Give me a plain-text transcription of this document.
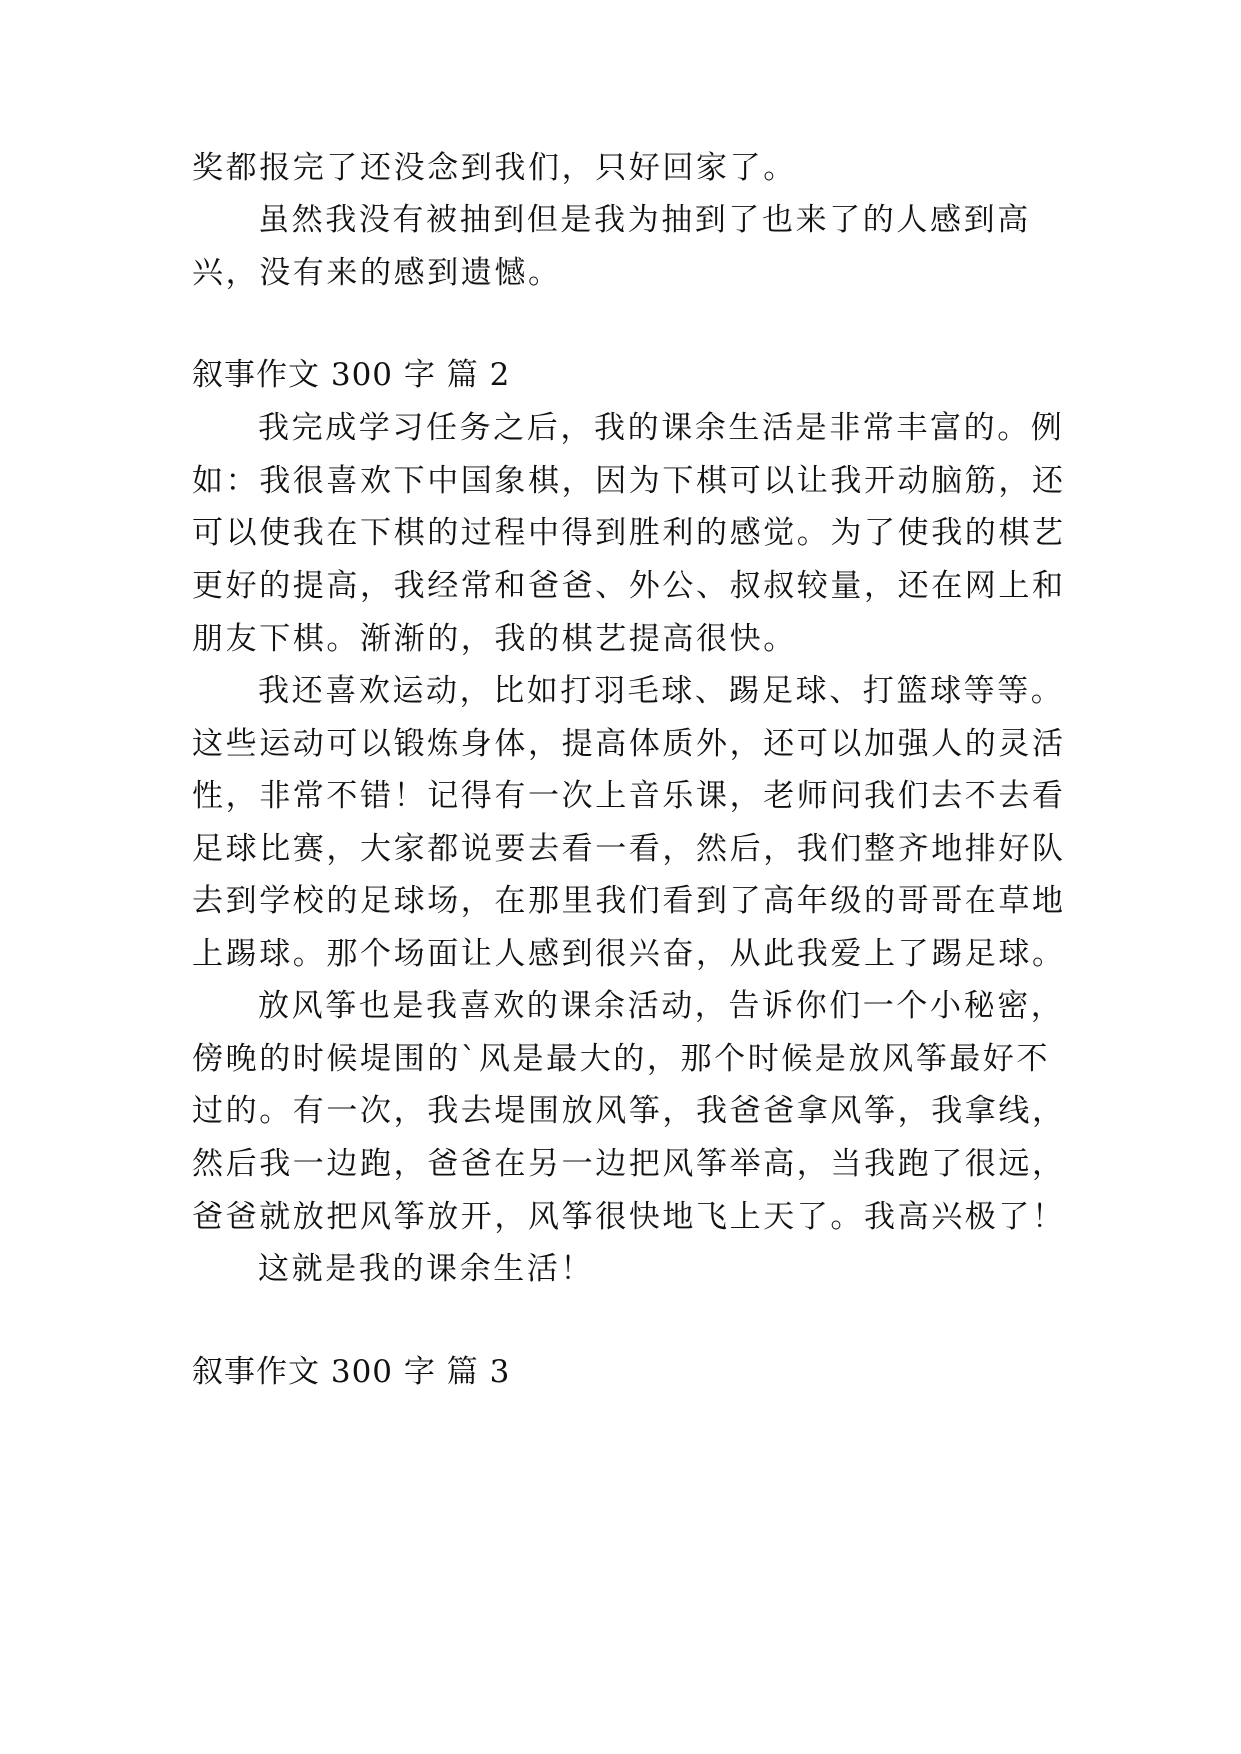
奖都报完了还没念到我们，只好回家了。
虽然我没有被抽到但是我为抽到了也来了的人感到高
兴，没有来的感到遗憾。
叙事作文 300 字 篇 2
我完成学习任务之后，我的课余生活是非常丰富的。例
如：我很喜欢下中国象棋，因为下棋可以让我开动脑筋，还
可以使我在下棋的过程中得到胜利的感觉。为了使我的棋艺
更好的提高，我经常和爸爸、外公、叔叔较量，还在网上和
朋友下棋。渐渐的，我的棋艺提高很快。
我还喜欢运动，比如打羽毛球、踢足球、打篮球等等。
这些运动可以锻炼身体，提高体质外，还可以加强人的灵活
性，非常不错！记得有一次上音乐课，老师问我们去不去看
足球比赛，大家都说要去看一看，然后，我们整齐地排好队
去到学校的足球场，在那里我们看到了高年级的哥哥在草地
上踢球。那个场面让人感到很兴奋，从此我爱上了踢足球。
放风筝也是我喜欢的课余活动，告诉你们一个小秘密，
傍晚的时候堤围的`风是最大的，那个时候是放风筝最好不
过的。有一次，我去堤围放风筝，我爸爸拿风筝，我拿线，
然后我一边跑，爸爸在另一边把风筝举高，当我跑了很远，
爸爸就放把风筝放开，风筝很快地飞上天了。我高兴极了！
这就是我的课余生活！
叙事作文 300 字 篇 3
